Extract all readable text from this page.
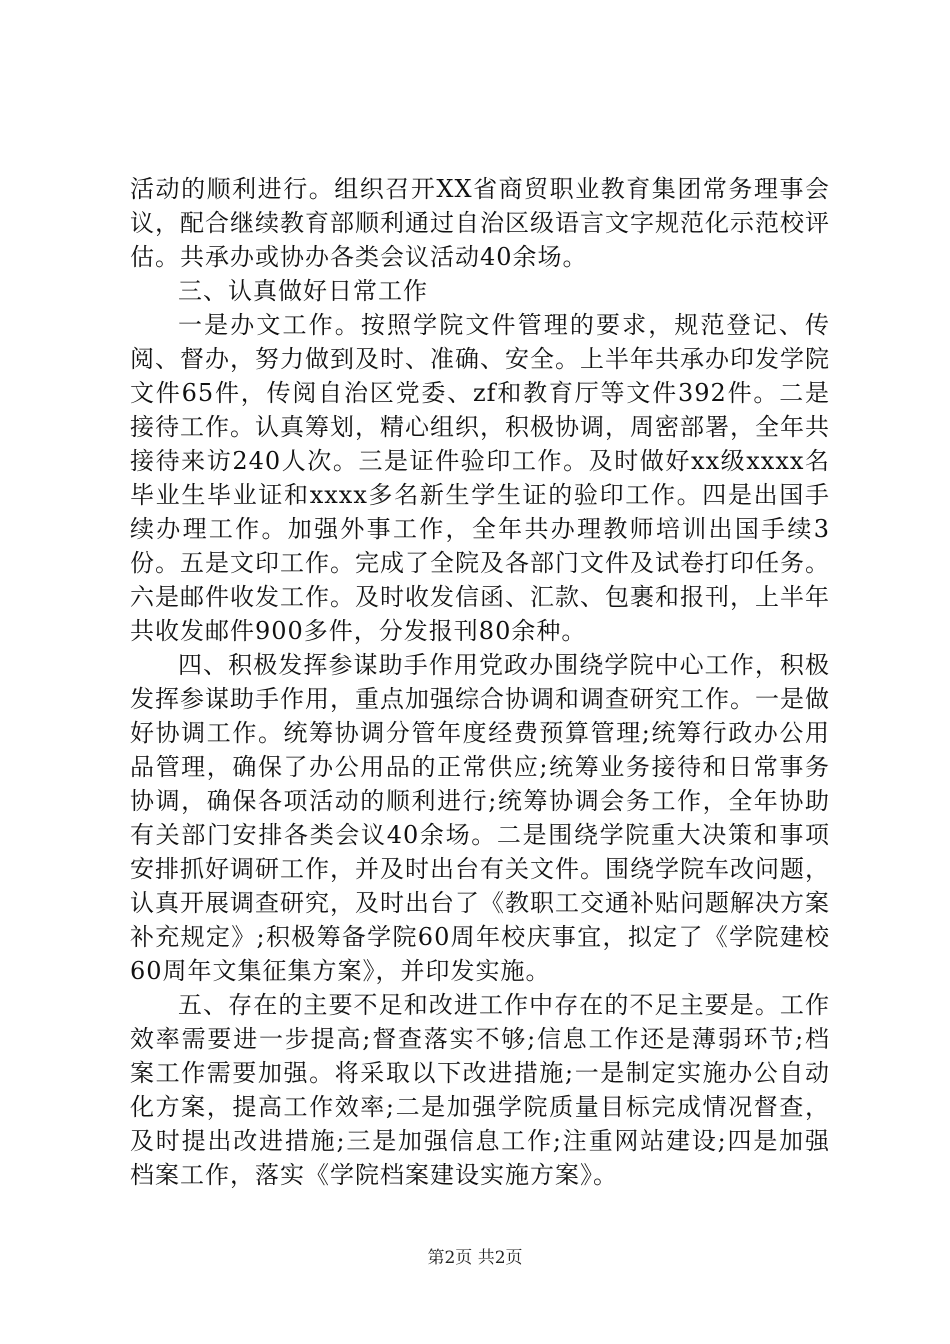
活动的顺利进行。组织召开XX省商贸职业教育集团常务理事会议，配合继续教育部顺利通过自治区级语言文字规范化示范校评估。共承办或协办各类会议活动40余场。

三、认真做好日常工作

一是办文工作。按照学院文件管理的要求，规范登记、传阅、督办，努力做到及时、准确、安全。上半年共承办印发学院文件65件，传阅自治区党委、zf和教育厅等文件392件。二是接待工作。认真筹划，精心组织，积极协调，周密部署，全年共接待来访240人次。三是证件验印工作。及时做好xx级xxxx名毕业生毕业证和xxxx多名新生学生证的验印工作。四是出国手续办理工作。加强外事工作，全年共办理教师培训出国手续3份。五是文印工作。完成了全院及各部门文件及试卷打印任务。六是邮件收发工作。及时收发信函、汇款、包裹和报刊，上半年共收发邮件900多件，分发报刊80余种。

四、积极发挥参谋助手作用党政办围绕学院中心工作，积极发挥参谋助手作用，重点加强综合协调和调查研究工作。一是做好协调工作。统筹协调分管年度经费预算管理;统筹行政办公用品管理，确保了办公用品的正常供应;统筹业务接待和日常事务协调，确保各项活动的顺利进行;统筹协调会务工作，全年协助有关部门安排各类会议40余场。二是围绕学院重大决策和事项安排抓好调研工作，并及时出台有关文件。围绕学院车改问题，认真开展调查研究，及时出台了《教职工交通补贴问题解决方案补充规定》;积极筹备学院60周年校庆事宜，拟定了《学院建校60周年文集征集方案》，并印发实施。

五、存在的主要不足和改进工作中存在的不足主要是。工作效率需要进一步提高;督查落实不够;信息工作还是薄弱环节;档案工作需要加强。将采取以下改进措施;一是制定实施办公自动化方案，提高工作效率;二是加强学院质量目标完成情况督查，及时提出改进措施;三是加强信息工作;注重网站建设;四是加强档案工作，落实《学院档案建设实施方案》。

第2页 共2页
